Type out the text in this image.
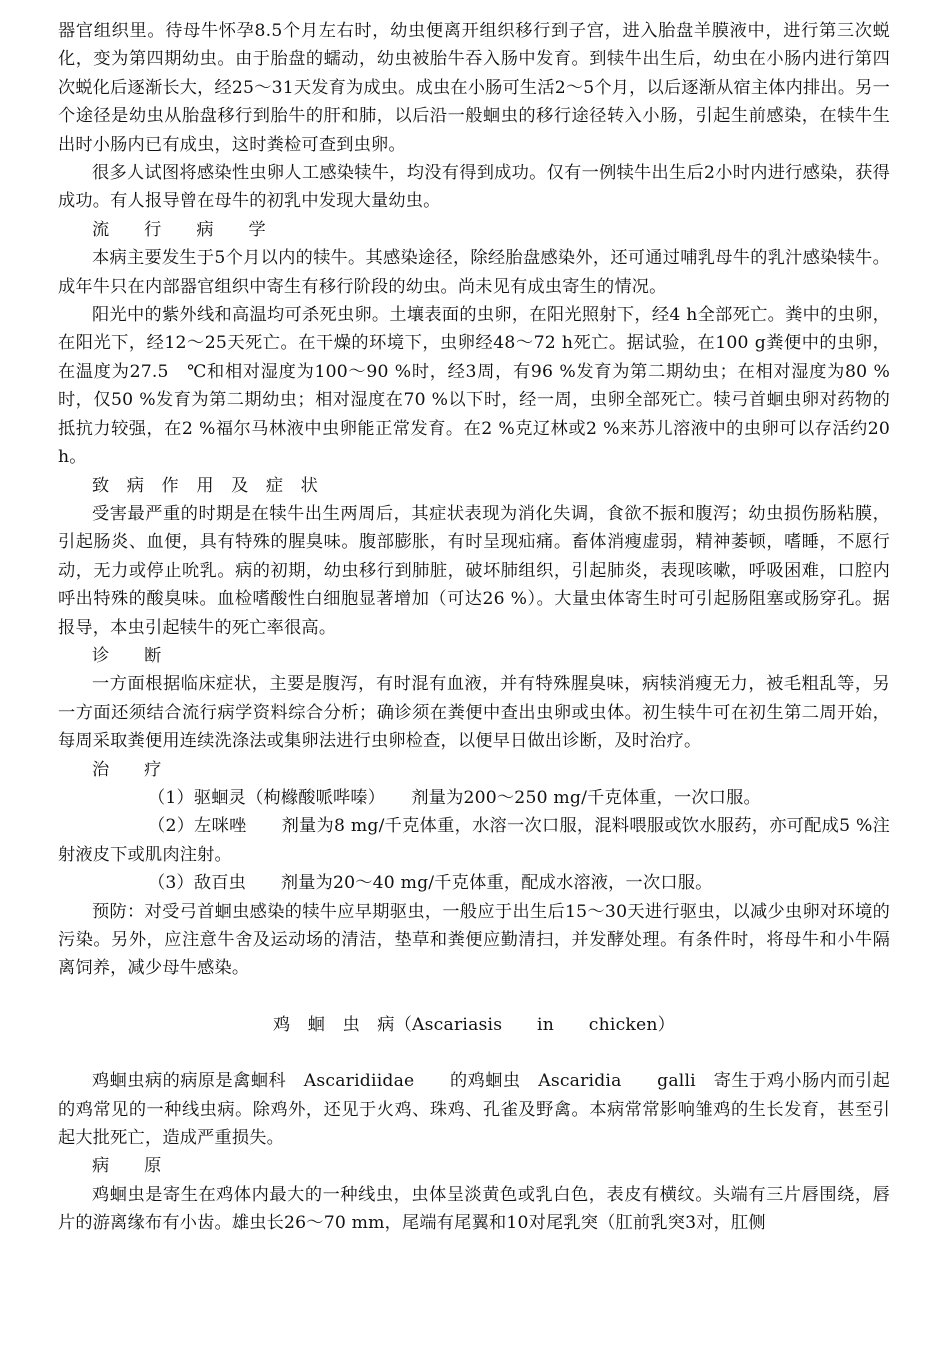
器官组织里。待母牛怀孕8.5个月左右时，幼虫便离开组织移行到子宫，进入胎盘羊膜液中，进行第三次蜕化，变为第四期幼虫。由于胎盘的蠕动，幼虫被胎牛吞入肠中发育。到犊牛出生后，幼虫在小肠内进行第四次蜕化后逐渐长大，经25～31天发育为成虫。成虫在小肠可生活2～5个月，以后逐渐从宿主体内排出。另一个途径是幼虫从胎盘移行到胎牛的肝和肺，以后沿一般蛔虫的移行途径转入小肠，引起生前感染，在犊牛生出时小肠内已有成虫，这时粪检可查到虫卵。

很多人试图将感染性虫卵人工感染犊牛，均没有得到成功。仅有一例犊牛出生后2小时内进行感染，获得成功。有人报导曾在母牛的初乳中发现大量幼虫。

流　　行　　病　　学

本病主要发生于5个月以内的犊牛。其感染途径，除经胎盘感染外，还可通过哺乳母牛的乳汁感染犊牛。成年牛只在内部器官组织中寄生有移行阶段的幼虫。尚未见有成虫寄生的情况。

阳光中的紫外线和高温均可杀死虫卵。土壤表面的虫卵，在阳光照射下，经4 h全部死亡。粪中的虫卵，在阳光下，经12～25天死亡。在干燥的环境下，虫卵经48～72 h死亡。据试验，在100 g粪便中的虫卵，在温度为27.5　℃和相对湿度为100～90 %时，经3周，有96 %发育为第二期幼虫；在相对湿度为80 %时，仅50 %发育为第二期幼虫；相对湿度在70 %以下时，经一周，虫卵全部死亡。犊弓首蛔虫卵对药物的抵抗力较强，在2 %福尔马林液中虫卵能正常发育。在2 %克辽林或2 %来苏儿溶液中的虫卵可以存活约20 h。

致　病　作　用　及　症　状

受害最严重的时期是在犊牛出生两周后，其症状表现为消化失调，食欲不振和腹泻；幼虫损伤肠粘膜，引起肠炎、血便，具有特殊的腥臭味。腹部膨胀，有时呈现疝痛。畜体消瘦虚弱，精神萎顿，嗜睡，不愿行动，无力或停止吮乳。病的初期，幼虫移行到肺脏，破坏肺组织，引起肺炎，表现咳嗽，呼吸困难，口腔内呼出特殊的酸臭味。血检嗜酸性白细胞显著增加（可达26 %）。大量虫体寄生时可引起肠阻塞或肠穿孔。据报导，本虫引起犊牛的死亡率很高。

诊　　断

一方面根据临床症状，主要是腹泻，有时混有血液，并有特殊腥臭味，病犊消瘦无力，被毛粗乱等，另一方面还须结合流行病学资料综合分析；确诊须在粪便中查出虫卵或虫体。初生犊牛可在初生第二周开始，每周采取粪便用连续洗涤法或集卵法进行虫卵检查，以便早日做出诊断，及时治疗。

治　　疗

（1）驱蛔灵（枸橼酸哌哔嗪）　　剂量为200～250 mg/千克体重，一次口服。

（2）左咪唑　　剂量为8 mg/千克体重，水溶一次口服，混料喂服或饮水服药，亦可配成5 %注射液皮下或肌肉注射。

（3）敌百虫　　剂量为20～40 mg/千克体重，配成水溶液，一次口服。

预防：对受弓首蛔虫感染的犊牛应早期驱虫，一般应于出生后15～30天进行驱虫，以减少虫卵对环境的污染。另外，应注意牛舍及运动场的清洁，垫草和粪便应勤清扫，并发酵处理。有条件时，将母牛和小牛隔离饲养，减少母牛感染。

鸡　蛔　虫　病（Ascariasis　　in　　chicken）

鸡蛔虫病的病原是禽蛔科　Ascaridiidae　　的鸡蛔虫　Ascaridia　　galli　寄生于鸡小肠内而引起的鸡常见的一种线虫病。除鸡外，还见于火鸡、珠鸡、孔雀及野禽。本病常常影响雏鸡的生长发育，甚至引起大批死亡，造成严重损失。

病　　原

鸡蛔虫是寄生在鸡体内最大的一种线虫，虫体呈淡黄色或乳白色，表皮有横纹。头端有三片唇围绕，唇片的游离缘布有小齿。雄虫长26～70 mm，尾端有尾翼和10对尾乳突（肛前乳突3对，肛侧
